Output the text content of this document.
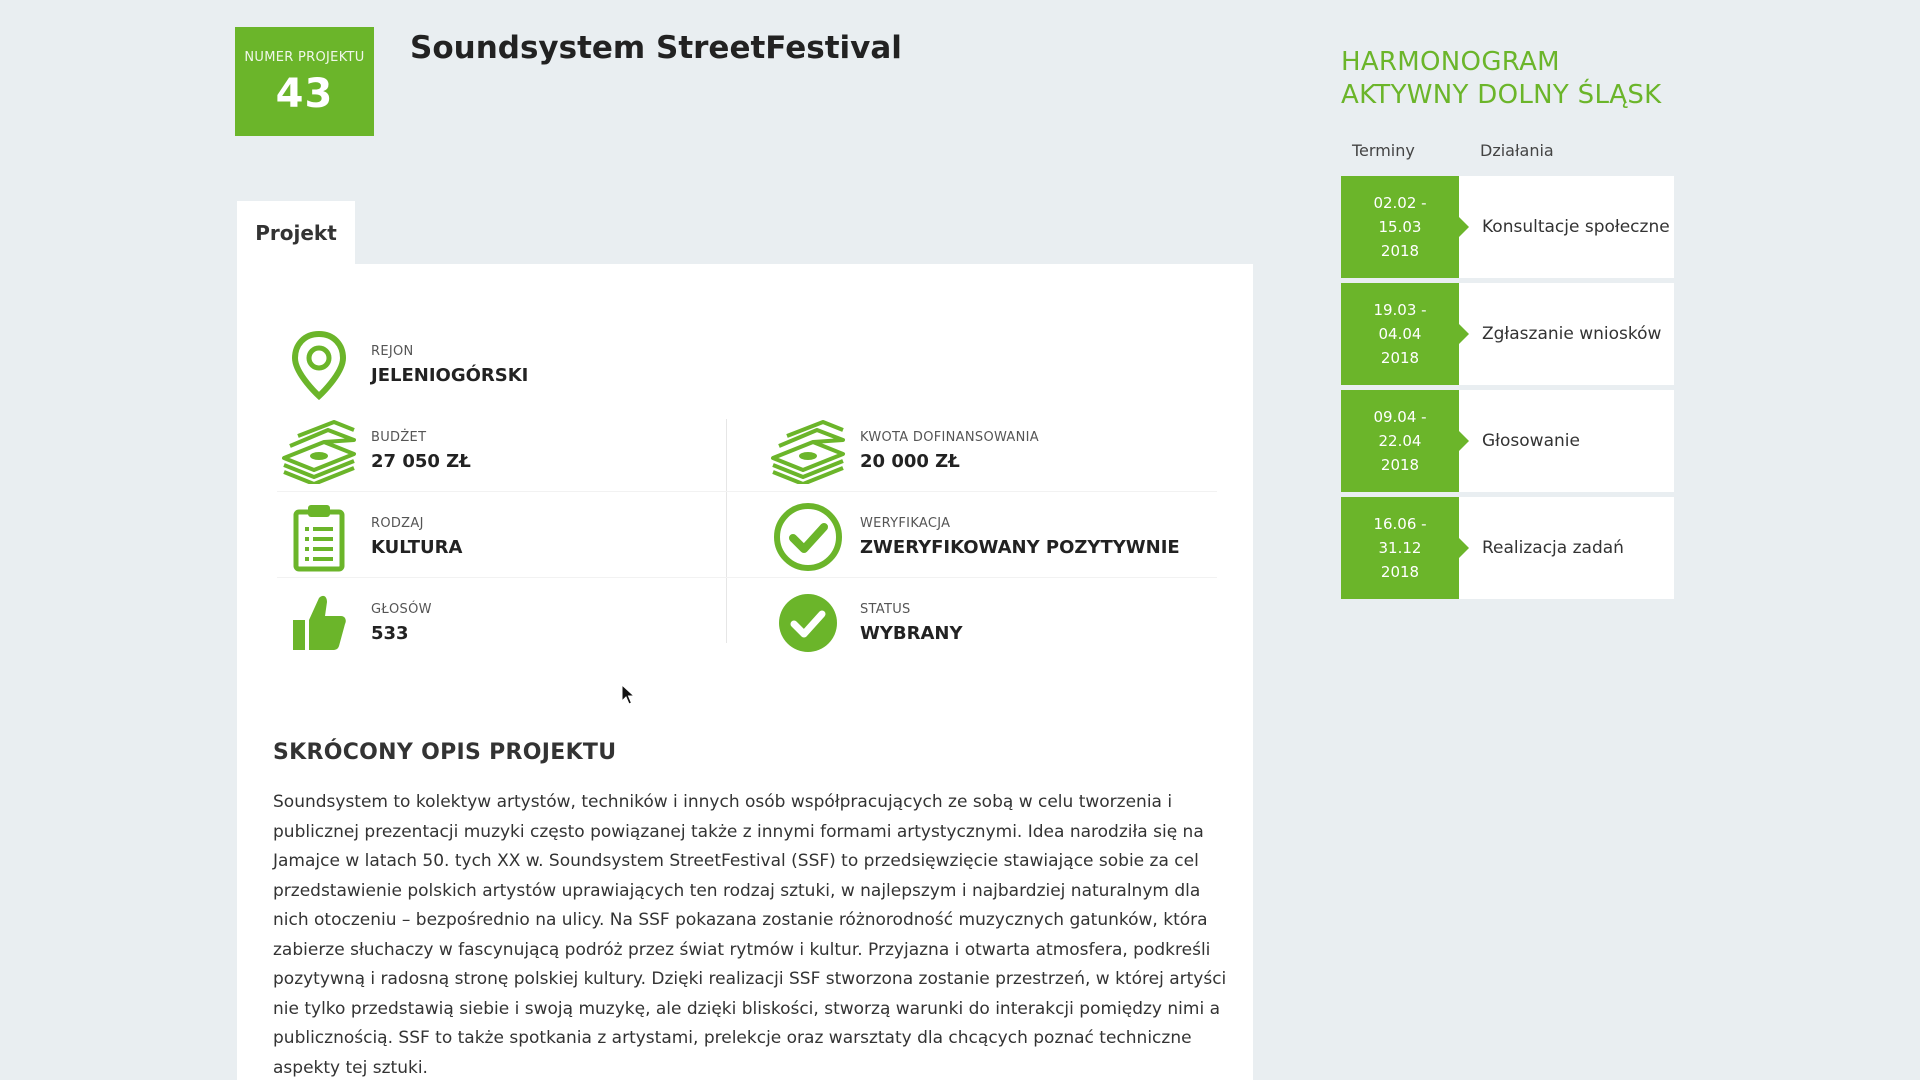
NUMER PROJEKTU
43
Soundsystem StreetFestival
Projekt
REJON
JELENIOGÓRSKI
BUDŻET
27 050 ZŁ
KWOTA DOFINANSOWANIA
20 000 ZŁ
RODZAJ
KULTURA
WERYFIKACJA
ZWERYFIKOWANY POZYTYWNIE
GŁOSÓW
533
STATUS
WYBRANY
SKRÓCONY OPIS PROJEKTU

Soundsystem to kolektyw artystów, techników i innych osób współpracujących ze sobą w celu tworzenia i publicznej prezentacji muzyki często powiązanej także z innymi formami artystycznymi. Idea narodziła się na Jamajce w latach 50. tych XX w. Soundsystem StreetFestival (SSF) to przedsięwzięcie stawiające sobie za cel przedstawienie polskich artystów uprawiających ten rodzaj sztuki, w najlepszym i najbardziej naturalnym dla nich otoczeniu – bezpośrednio na ulicy. Na SSF pokazana zostanie różnorodność muzycznych gatunków, która zabierze słuchaczy w fascynującą podróż przez świat rytmów i kultur. Przyjazna i otwarta atmosfera, podkreśli pozytywną i radosną stronę polskiej kultury. Dzięki realizacji SSF stworzona zostanie przestrzeń, w której artyści nie tylko przedstawią siebie i swoją muzykę, ale dzięki bliskości, stworzą warunki do interakcji pomiędzy nimi a publicznością. SSF to także spotkania z artystami, prelekcje oraz warsztaty dla chcących poznać techniczne aspekty tej sztuki.

HARMONOGRAM
AKTYWNY DOLNY ŚLĄSK
Terminy	Działania
02.02 -
15.03
2018
Konsultacje społeczne
19.03 -
04.04
2018
Zgłaszanie wniosków
09.04 -
22.04
2018
Głosowanie
16.06 -
31.12
2018
Realizacja zadań
